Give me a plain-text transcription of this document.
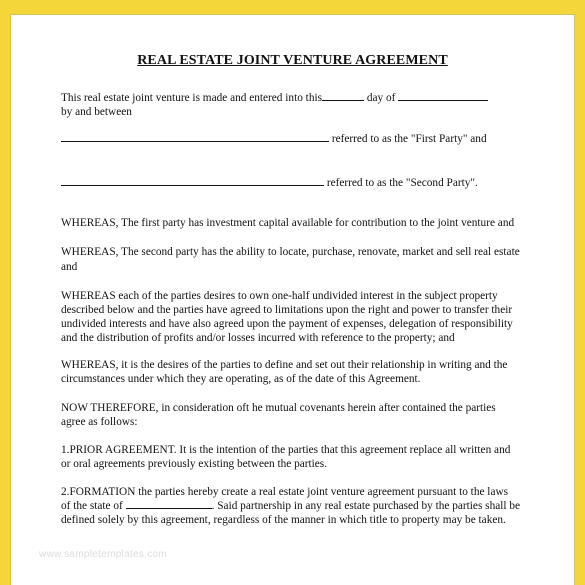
REAL ESTATE JOINT VENTURE AGREEMENT
This real estate joint venture is made and entered into this	day of
by and between
referred to as the "First Party" and
referred to as the "Second Party".
WHEREAS, The first party has investment capital available for contribution to the joint venture and
WHEREAS, The second party has the ability to locate, purchase, renovate, market and sell real estate
and
WHEREAS each of the parties desires to own one-half undivided interest in the subject property
described below and the parties have agreed to limitations upon the right and power to transfer their
undivided interests and have also agreed upon the payment of expenses, delegation of responsibility
and the distribution of profits and/or losses incurred with reference to the property; and
WHEREAS, it is the desires of the parties to define and set out their relationship in writing and the
circumstances under which they are operating, as of the date of this Agreement.
NOW THEREFORE, in consideration oft he mutual covenants herein after contained the parties
agree as follows:
1.PRIOR AGREEMENT. It is the intention of the parties that this agreement replace all written and
or oral agreements previously existing between the parties.
2.FORMATION the parties hereby create a real estate joint venture agreement pursuant to the laws
of the state of	. Said partnership in any real estate purchased by the parties shall be
defined solely by this agreement, regardless of the manner in which title to property may be taken.
www.sampletemplates.com
